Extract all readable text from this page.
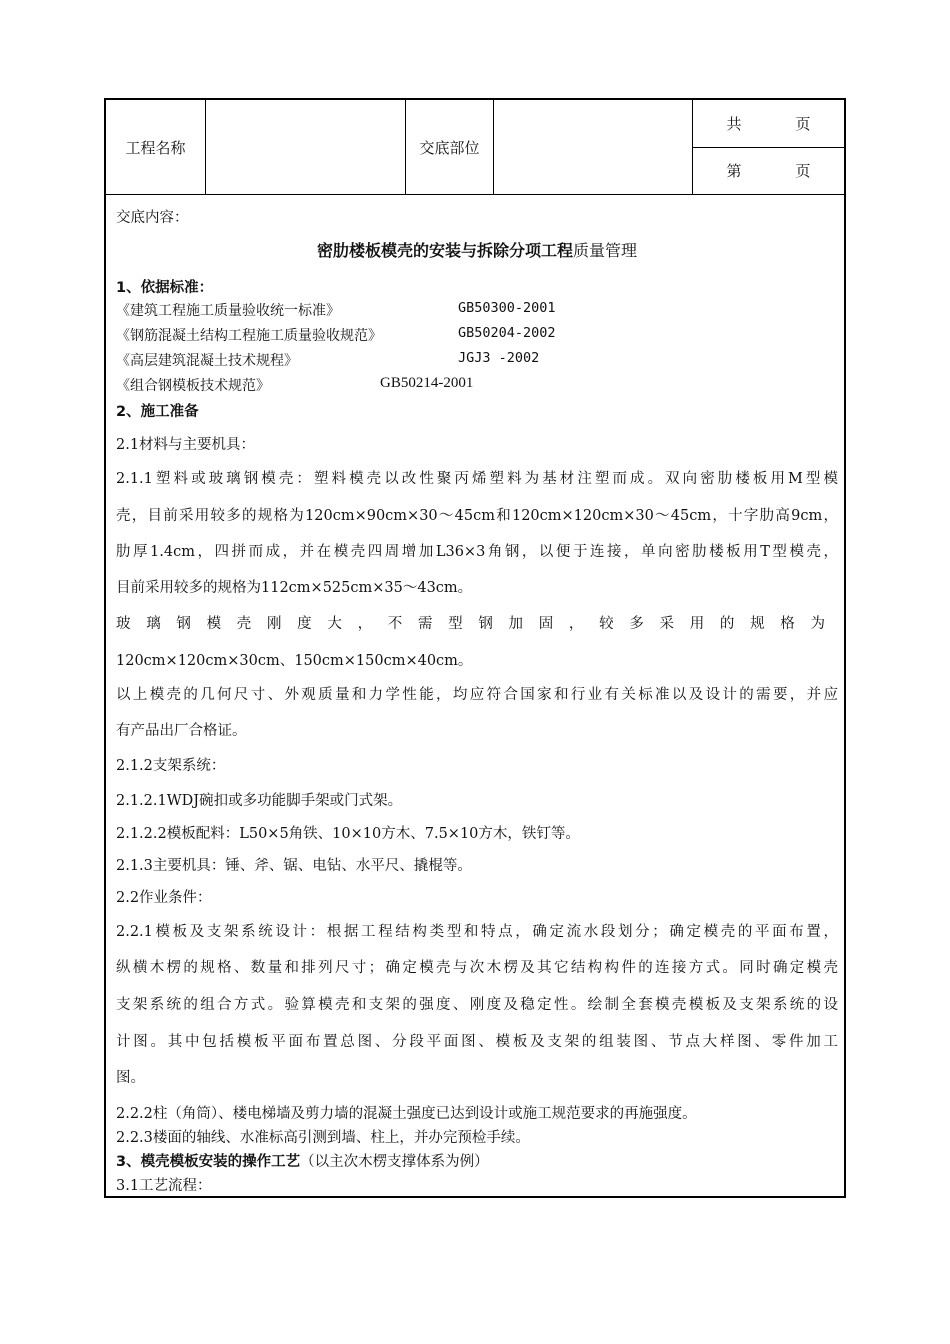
工程名称	交底部位
共	页
第	页
交底内容：
密肋楼板模壳的安装与拆除分项工程质量管理
1、依据标准：
《建筑工程施工质量验收统一标准》	GB50300-2001
《钢筋混凝土结构工程施工质量验收规范》	GB50204-2002
《高层建筑混凝土技术规程》	JGJ3 -2002
《组合钢模板技术规范》	GB50214-2001
2、施工准备
2.1材料与主要机具：
2.1.1塑料或玻璃钢模壳：塑料模壳以改性聚丙烯塑料为基材注塑而成。双向密肋楼板用M型模
壳，目前采用较多的规格为120cm×90cm×30～45cm和120cm×120cm×30～45cm，十字肋高9cm，
肋厚1.4cm，四拼而成，并在模壳四周增加L36×3角钢，以便于连接，单向密肋楼板用T型模壳，
目前采用较多的规格为112cm×525cm×35～43cm。
玻璃钢模壳刚度大，不需型钢加固，较多采用的规格为
120cm×120cm×30cm、150cm×150cm×40cm。
以上模壳的几何尺寸、外观质量和力学性能，均应符合国家和行业有关标准以及设计的需要，并应
有产品出厂合格证。
2.1.2支架系统：
2.1.2.1WDJ碗扣或多功能脚手架或门式架。
2.1.2.2模板配料：L50×5角铁、10×10方木、7.5×10方木，铁钉等。
2.1.3主要机具：锤、斧、锯、电钻、水平尺、撬棍等。
2.2作业条件：
2.2.1模板及支架系统设计：根据工程结构类型和特点，确定流水段划分；确定模壳的平面布置，
纵横木楞的规格、数量和排列尺寸；确定模壳与次木楞及其它结构构件的连接方式。同时确定模壳
支架系统的组合方式。验算模壳和支架的强度、刚度及稳定性。绘制全套模壳模板及支架系统的设
计图。其中包括模板平面布置总图、分段平面图、模板及支架的组装图、节点大样图、零件加工
图。
2.2.2柱（角筒）、楼电梯墙及剪力墙的混凝土强度已达到设计或施工规范要求的再施强度。
2.2.3楼面的轴线、水准标高引测到墙、柱上，并办完预检手续。
3、模壳模板安装的操作工艺（以主次木楞支撑体系为例）
3.1工艺流程：
